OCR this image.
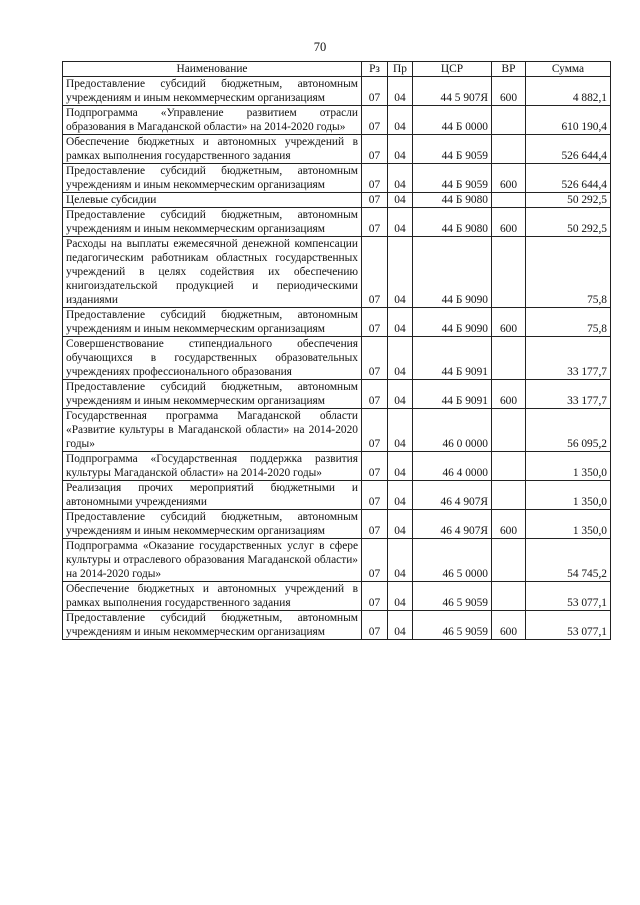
70
Наименование	Рз	Пр	ЦСР	ВР	Сумма
Предоставление субсидий бюджетным, автономным учреждениям и иным некоммерческим организациям	07	04	44 5 907Я	600	4 882,1
Подпрограмма «Управление развитием отрасли образования в Магаданской области» на 2014-2020 годы»	07	04	44 Б 0000		610 190,4
Обеспечение бюджетных и автономных учреждений в рамках выполнения государственного задания	07	04	44 Б 9059		526 644,4
Предоставление субсидий бюджетным, автономным учреждениям и иным некоммерческим организациям	07	04	44 Б 9059	600	526 644,4
Целевые субсидии	07	04	44 Б 9080		50 292,5
Предоставление субсидий бюджетным, автономным учреждениям и иным некоммерческим организациям	07	04	44 Б 9080	600	50 292,5
Расходы на выплаты ежемесячной денежной компенсации педагогическим работникам областных государственных учреждений в целях содействия их обеспечению книгоиздательской продукцией и периодическими изданиями	07	04	44 Б 9090		75,8
Предоставление субсидий бюджетным, автономным учреждениям и иным некоммерческим организациям	07	04	44 Б 9090	600	75,8
Совершенствование стипендиального обеспечения обучающихся в государственных образовательных учреждениях профессионального образования	07	04	44 Б 9091		33 177,7
Предоставление субсидий бюджетным, автономным учреждениям и иным некоммерческим организациям	07	04	44 Б 9091	600	33 177,7
Государственная программа Магаданской области «Развитие культуры в Магаданской области» на 2014-2020 годы»	07	04	46 0 0000		56 095,2
Подпрограмма «Государственная поддержка развития культуры Магаданской области» на 2014-2020 годы»	07	04	46 4 0000		1 350,0
Реализация прочих мероприятий бюджетными и автономными учреждениями	07	04	46 4 907Я		1 350,0
Предоставление субсидий бюджетным, автономным учреждениям и иным некоммерческим организациям	07	04	46 4 907Я	600	1 350,0
Подпрограмма «Оказание государственных услуг в сфере культуры и отраслевого образования Магаданской области» на 2014-2020 годы»	07	04	46 5 0000		54 745,2
Обеспечение бюджетных и автономных учреждений в рамках выполнения государственного задания	07	04	46 5 9059		53 077,1
Предоставление субсидий бюджетным, автономным учреждениям и иным некоммерческим организациям	07	04	46 5 9059	600	53 077,1
